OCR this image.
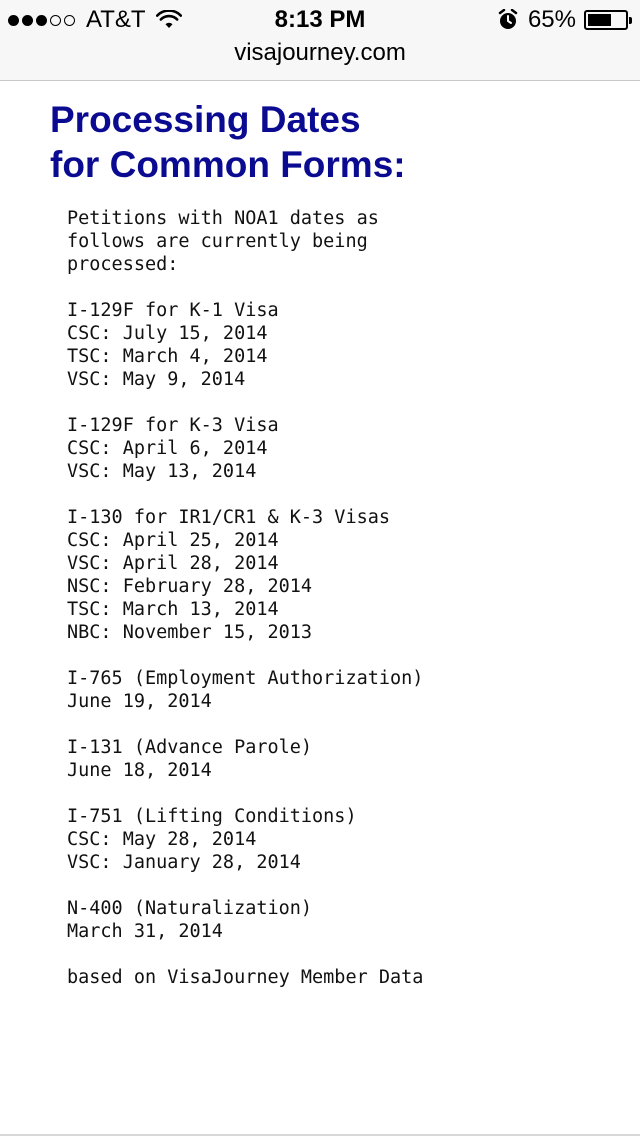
AT&T	8:13 PM	65%
visajourney.com
Processing Dates
for Common Forms:
Petitions with NOA1 dates as
follows are currently being
processed:
I-129F for K-1 Visa
CSC: July 15, 2014
TSC: March 4, 2014
VSC: May 9, 2014
I-129F for K-3 Visa
CSC: April 6, 2014
VSC: May 13, 2014
I-130 for IR1/CR1 & K-3 Visas
CSC: April 25, 2014
VSC: April 28, 2014
NSC: February 28, 2014
TSC: March 13, 2014
NBC: November 15, 2013
I-765 (Employment Authorization)
June 19, 2014
I-131 (Advance Parole)
June 18, 2014
I-751 (Lifting Conditions)
CSC: May 28, 2014
VSC: January 28, 2014
N-400 (Naturalization)
March 31, 2014
based on VisaJourney Member Data
